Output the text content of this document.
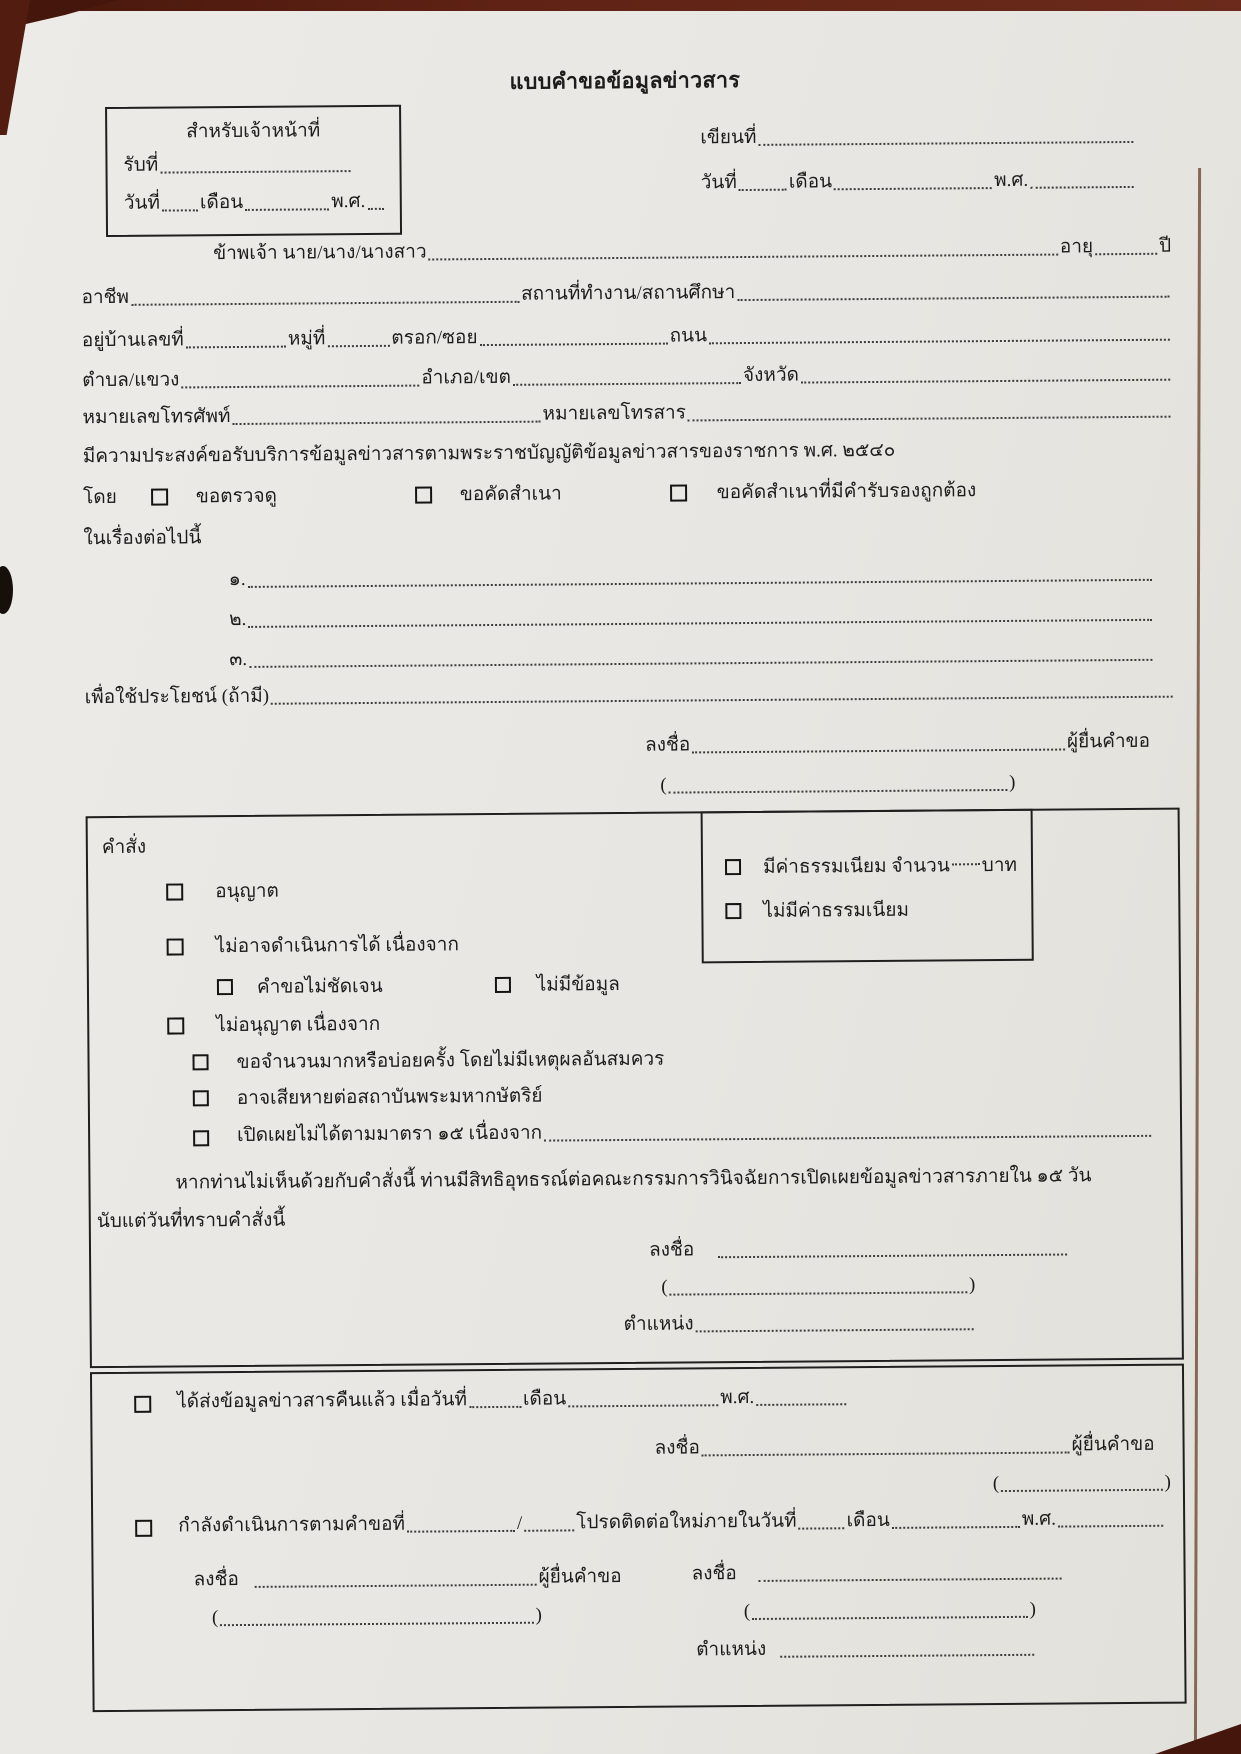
แบบคำขอข้อมูลข่าวสาร
สำหรับเจ้าหน้าที่
รับที่
วันที่ เดือน	พ.ศ.
เขียนที่
วันที่	เดือน	พ.ศ.
ข้าพเจ้า นาย/นาง/นางสาว	อายุ	ปี
อาชีพ	สถานที่ทำงาน/สถานศึกษา
อยู่บ้านเลขที่	หมู่ที่	ตรอก/ซอย	ถนน
ตำบล/แขวง	อำเภอ/เขต	จังหวัด
หมายเลขโทรศัพท์	หมายเลขโทรสาร
มีความประสงค์ขอรับบริการข้อมูลข่าวสารตามพระราชบัญญัติข้อมูลข่าวสารของราชการ พ.ศ. ๒๕๔๐
โดย	ขอตรวจดู	ขอคัดสำเนา	ขอคัดสำเนาที่มีคำรับรองถูกต้อง
ในเรื่องต่อไปนี้
๑.
๒.
๓.
เพื่อใช้ประโยชน์ (ถ้ามี)
ลงชื่อ	ผู้ยื่นคำขอ
(	)
คำสั่ง
มีค่าธรรมเนียม จำนวน บาท
ไม่มีค่าธรรมเนียม
อนุญาต
ไม่อาจดำเนินการได้ เนื่องจาก
คำขอไม่ชัดเจน	ไม่มีข้อมูล
ไม่อนุญาต เนื่องจาก
ขอจำนวนมากหรือบ่อยครั้ง โดยไม่มีเหตุผลอันสมควร
อาจเสียหายต่อสถาบันพระมหากษัตริย์
เปิดเผยไม่ได้ตามมาตรา ๑๕ เนื่องจาก
หากท่านไม่เห็นด้วยกับคำสั่งนี้ ท่านมีสิทธิอุทธรณ์ต่อคณะกรรมการวินิจฉัยการเปิดเผยข้อมูลข่าวสารภายใน ๑๕ วัน
นับแต่วันที่ทราบคำสั่งนี้
ลงชื่อ
(	)
ตำแหน่ง
ได้ส่งข้อมูลข่าวสารคืนแล้ว เมื่อวันที่	เดือน	พ.ศ.
ลงชื่อ	ผู้ยื่นคำขอ
(	)
กำลังดำเนินการตามคำขอที่	/	โปรดติดต่อใหม่ภายในวันที่	เดือน	พ.ศ.
ลงชื่อ	ผู้ยื่นคำขอ
(	)
ลงชื่อ
(	)
ตำแหน่ง
